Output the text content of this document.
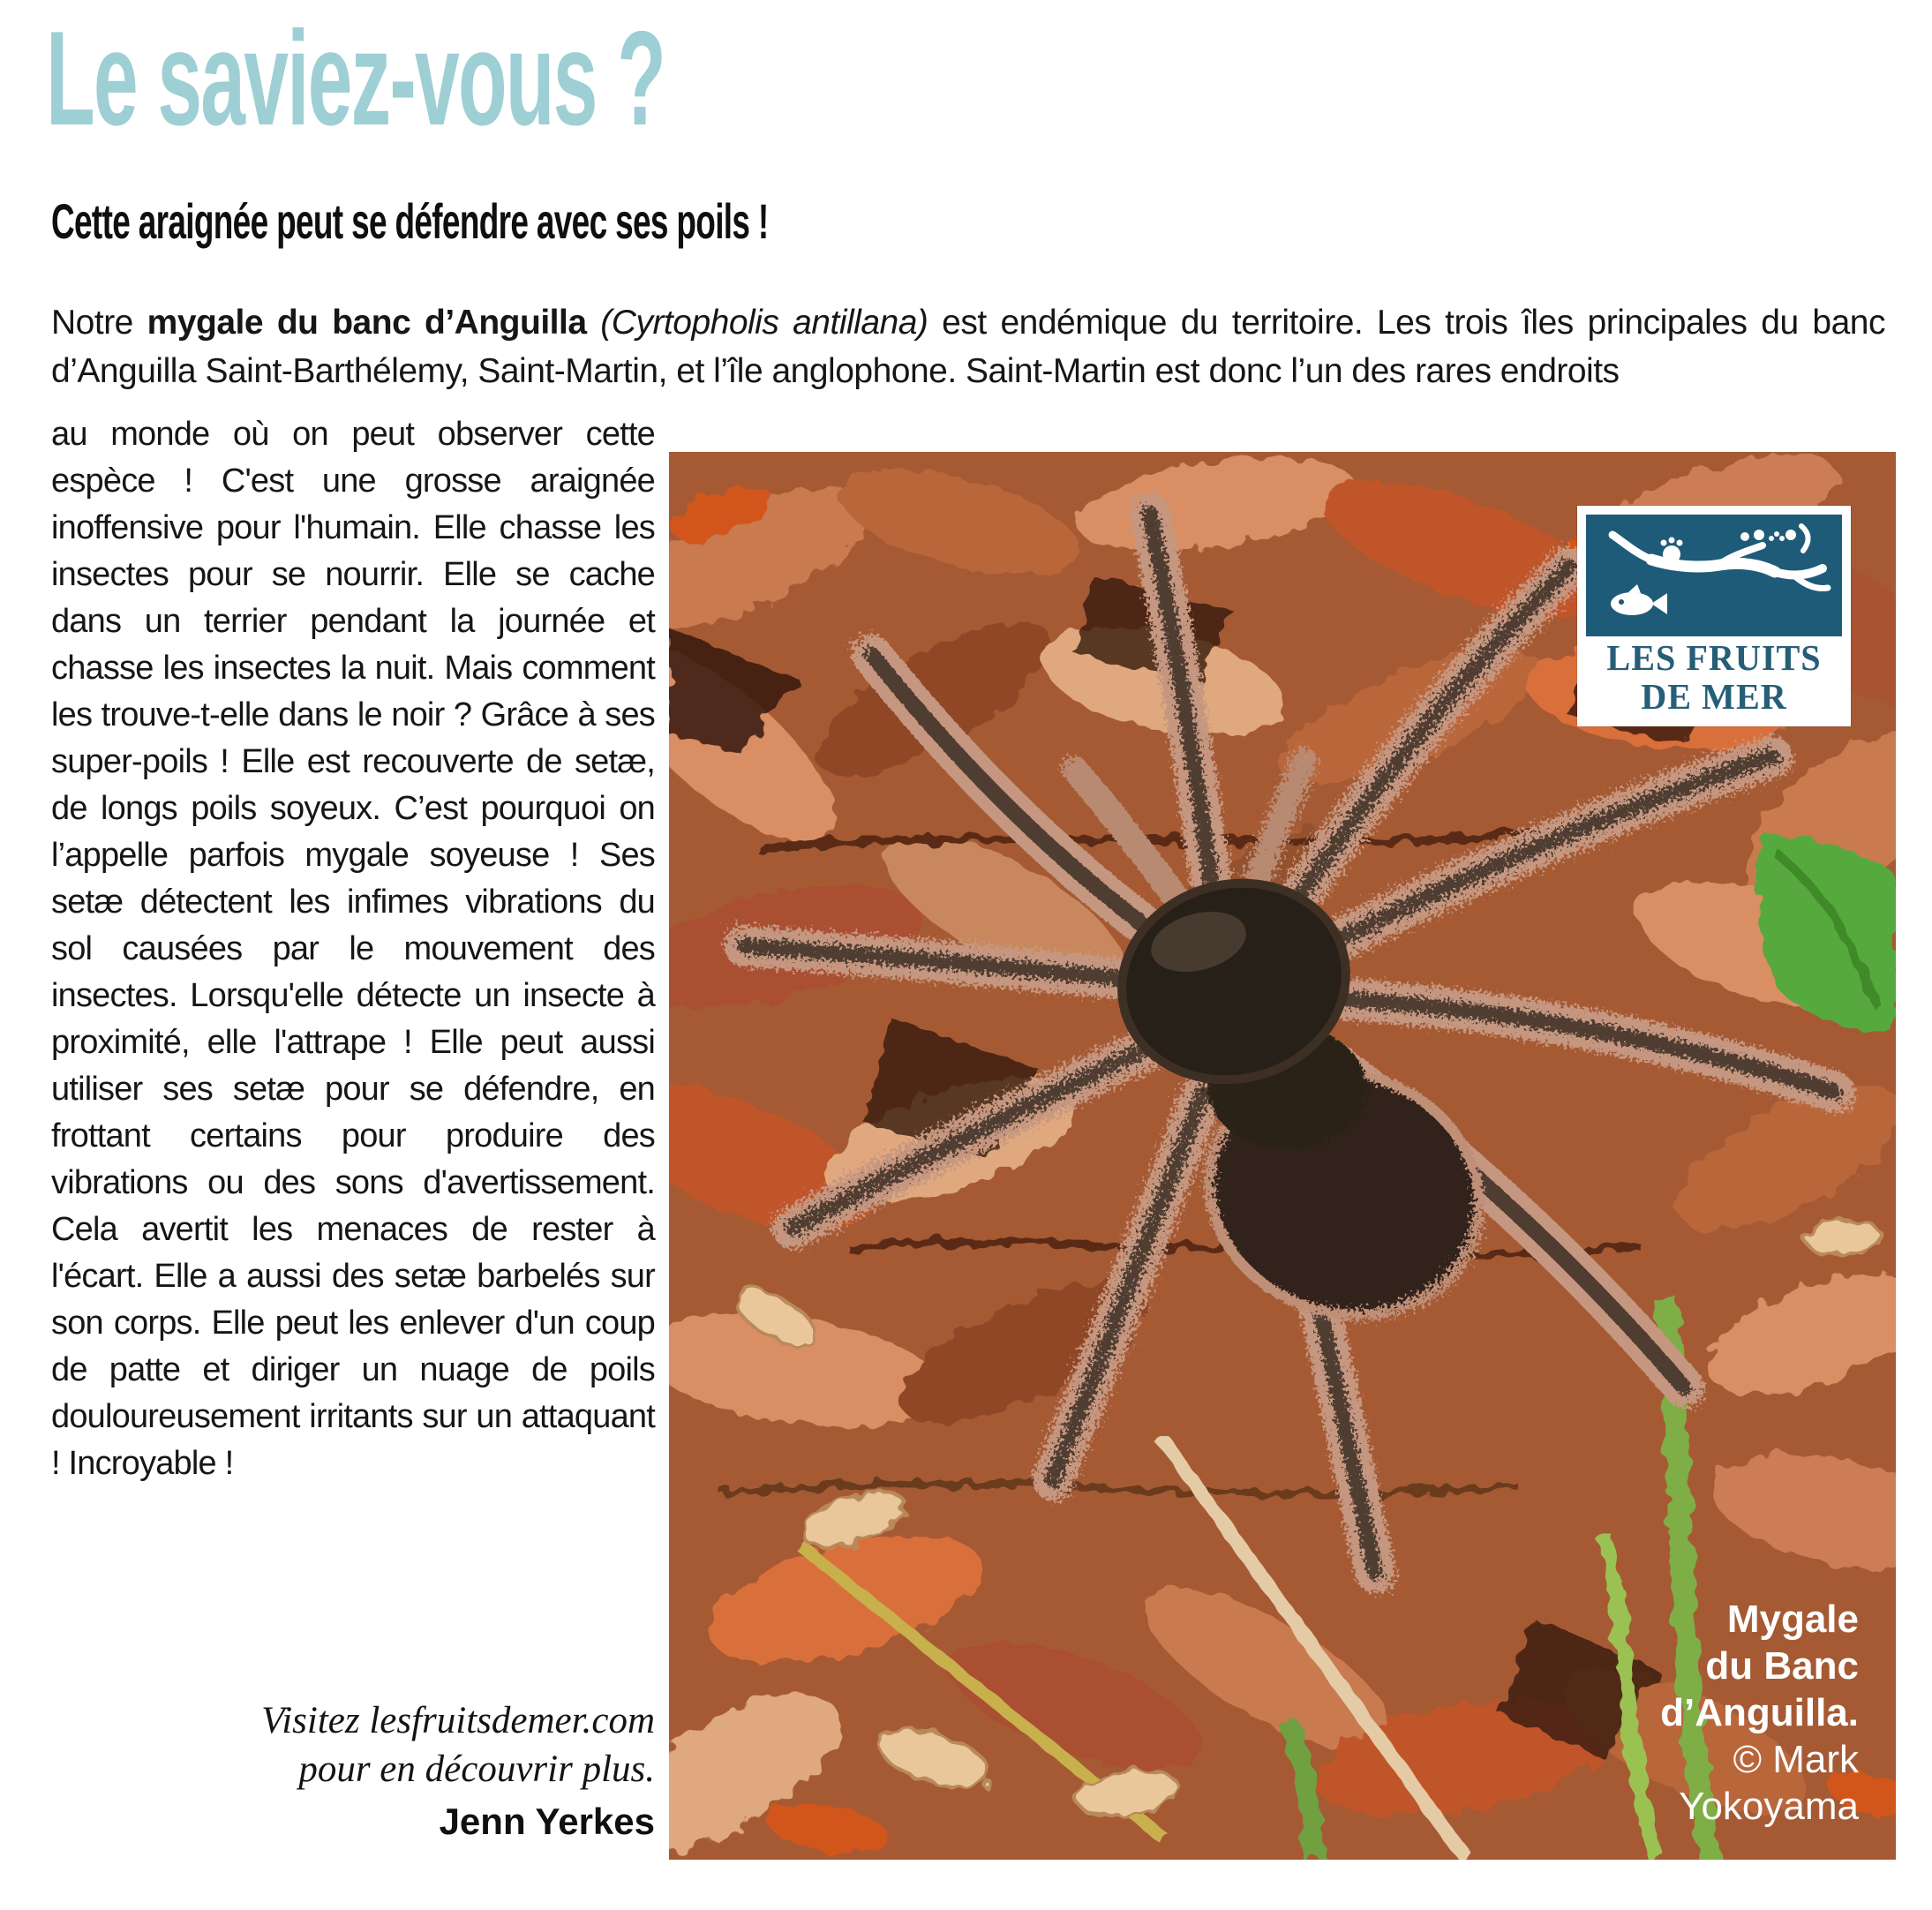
Le saviez-vous ?
Cette araignée peut se défendre avec ses poils !

Notre mygale du banc d’Anguilla (Cyrtopholis antillana) est endémique du territoire. Les trois îles principales du banc d’Anguilla Saint-Barthélemy, Saint-Martin, et l’île anglophone. Saint-Martin est donc l’un des rares endroits

au monde où on peut observer cette espèce ! C'est une grosse araignée inoffensive pour l'humain. Elle chasse les insectes pour se nourrir. Elle se cache dans un terrier pendant la journée et chasse les insectes la nuit. Mais comment les trouve-t-elle dans le noir ? Grâce à ses super-poils ! Elle est recouverte de setæ, de longs poils soyeux. C’est pourquoi on l’appelle parfois mygale soyeuse ! Ses setæ détectent les infimes vibrations du sol causées par le mouvement des insectes. Lorsqu'elle détecte un insecte à proximité, elle l'attrape ! Elle peut aussi utiliser ses setæ pour se défendre, en frottant certains pour produire des vibrations ou des sons d'avertissement. Cela avertit les menaces de rester à l'écart. Elle a aussi des setæ barbelés sur son corps. Elle peut les enlever d'un coup de patte et diriger un nuage de poils douloureusement irritants sur un attaquant ! Incroyable !

Visitez lesfruitsdemer.com
pour en découvrir plus.
Jenn Yerkes
LES FRUITS
DE MER
Mygale
du Banc
d’Anguilla.
© Mark
Yokoyama
